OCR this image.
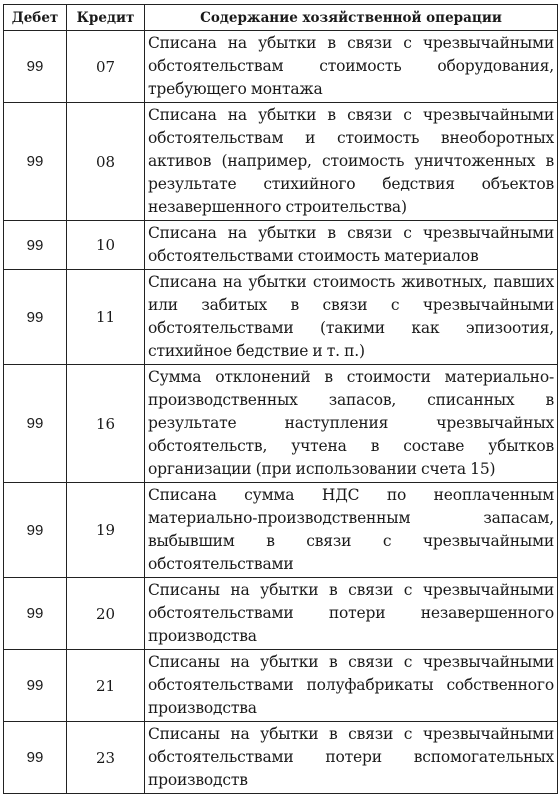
Дебет	Кредит	Содержание хозяйственной операции
99	07	Списана на убытки в связи с чрезвычайными обстоятельствам стоимость оборудования, требующего монтажа
99	08	Списана на убытки в связи с чрезвычайными обстоятельствам и стоимость внеоборотных активов (например, стоимость уничтоженных в результате стихийного бедствия объектов незавершенного строительства)
99	10	Списана на убытки в связи с чрезвычайными обстоятельствами стоимость материалов
99	11	Списана на убытки стоимость животных, павших или забитых в связи с чрезвычайными обстоятельствами (такими как эпизоотия, стихийное бедствие и т. п.)
99	16	Сумма отклонений в стоимости материально-производственных запасов, списанных в результате наступления чрезвычайных обстоятельств, учтена в составе убытков организации (при использовании счета 15)
99	19	Списана сумма НДС по неоплаченным материально-производственным запасам, выбывшим в связи с чрезвычайными обстоятельствами
99	20	Списаны на убытки в связи с чрезвычайными обстоятельствами потери незавершенного производства
99	21	Списаны на убытки в связи с чрезвычайными обстоятельствами полуфабрикаты собственного производства
99	23	Списаны на убытки в связи с чрезвычайными обстоятельствами потери вспомогательных производств
